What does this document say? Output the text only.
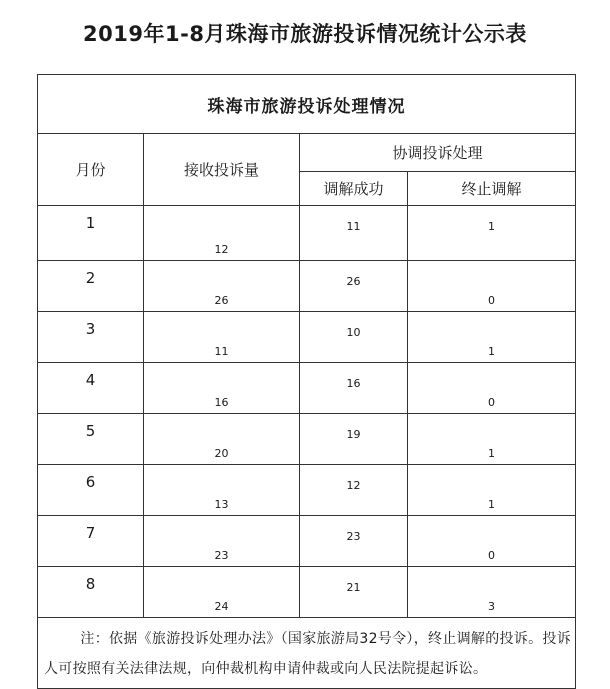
2019年1-8月珠海市旅游投诉情况统计公示表
珠海市旅游投诉处理情况			
月份	接收投诉量	协调投诉处理	
		调解成功	终止调解
1	12	11	1
2	26	26	0
3	11	10	1
4	16	16	0
5	20	19	1
6	13	12	1
7	23	23	0
8	24	21	3
注：依据《旅游投诉处理办法》（国家旅游局32号令），终止调解的投诉。投诉人可按照有关法律法规，向仲裁机构申请仲裁或向人民法院提起诉讼。			
